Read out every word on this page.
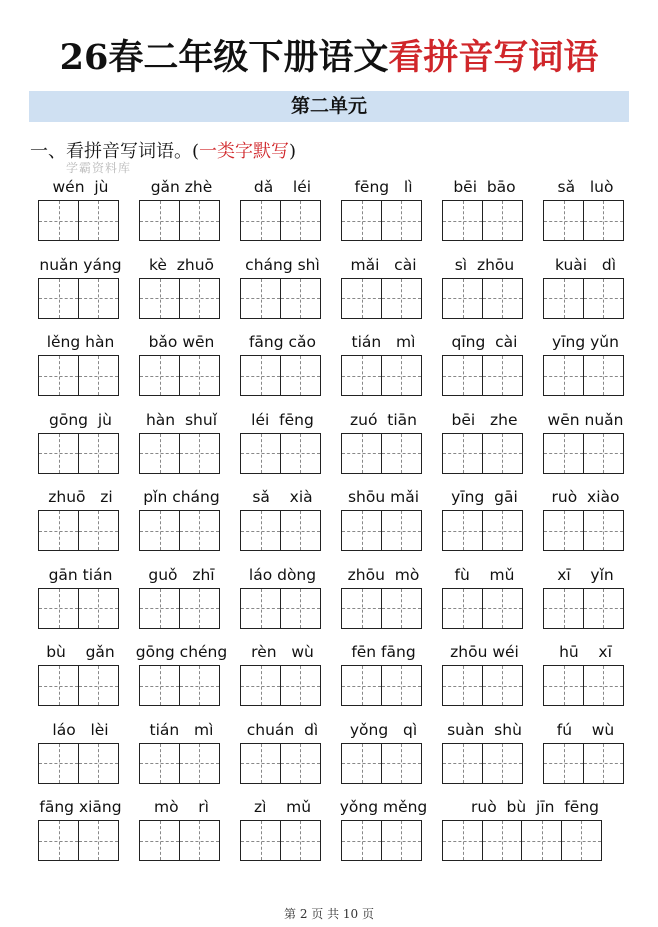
26春二年级下册语文看拼音写词语
第二单元
一、看拼音写词语。(一类字默写)
学霸资料库
wén  jù	gǎn zhè	dǎ    léi	fēng   lì	bēi  bāo	sǎ   luò
nuǎn yáng	kè  zhuō	cháng shì	mǎi   cài	sì  zhōu	kuài   dì
lěng hàn	bǎo wēn	fāng cǎo	tián   mì	qīng  cài	yīng yǔn
gōng  jù	hàn  shuǐ	léi  fēng	zuó  tiān	bēi   zhe	wēn nuǎn
zhuō   zi	pǐn cháng	sǎ    xià	shōu mǎi	yīng  gāi	ruò  xiào
gān tián	guǒ   zhī	láo dòng	zhōu  mò	fù    mǔ	xī    yǐn
bù    gǎn	gōng chéng	rèn   wù	fēn fāng	zhōu wéi	hū    xī
láo   lèi	tián   mì	chuán  dì	yǒng   qì	suàn  shù	fú    wù
fāng xiāng	mò    rì	zì    mǔ	yǒng měng	ruò  bù  jīn  fēng
第 2 页 共 10 页
